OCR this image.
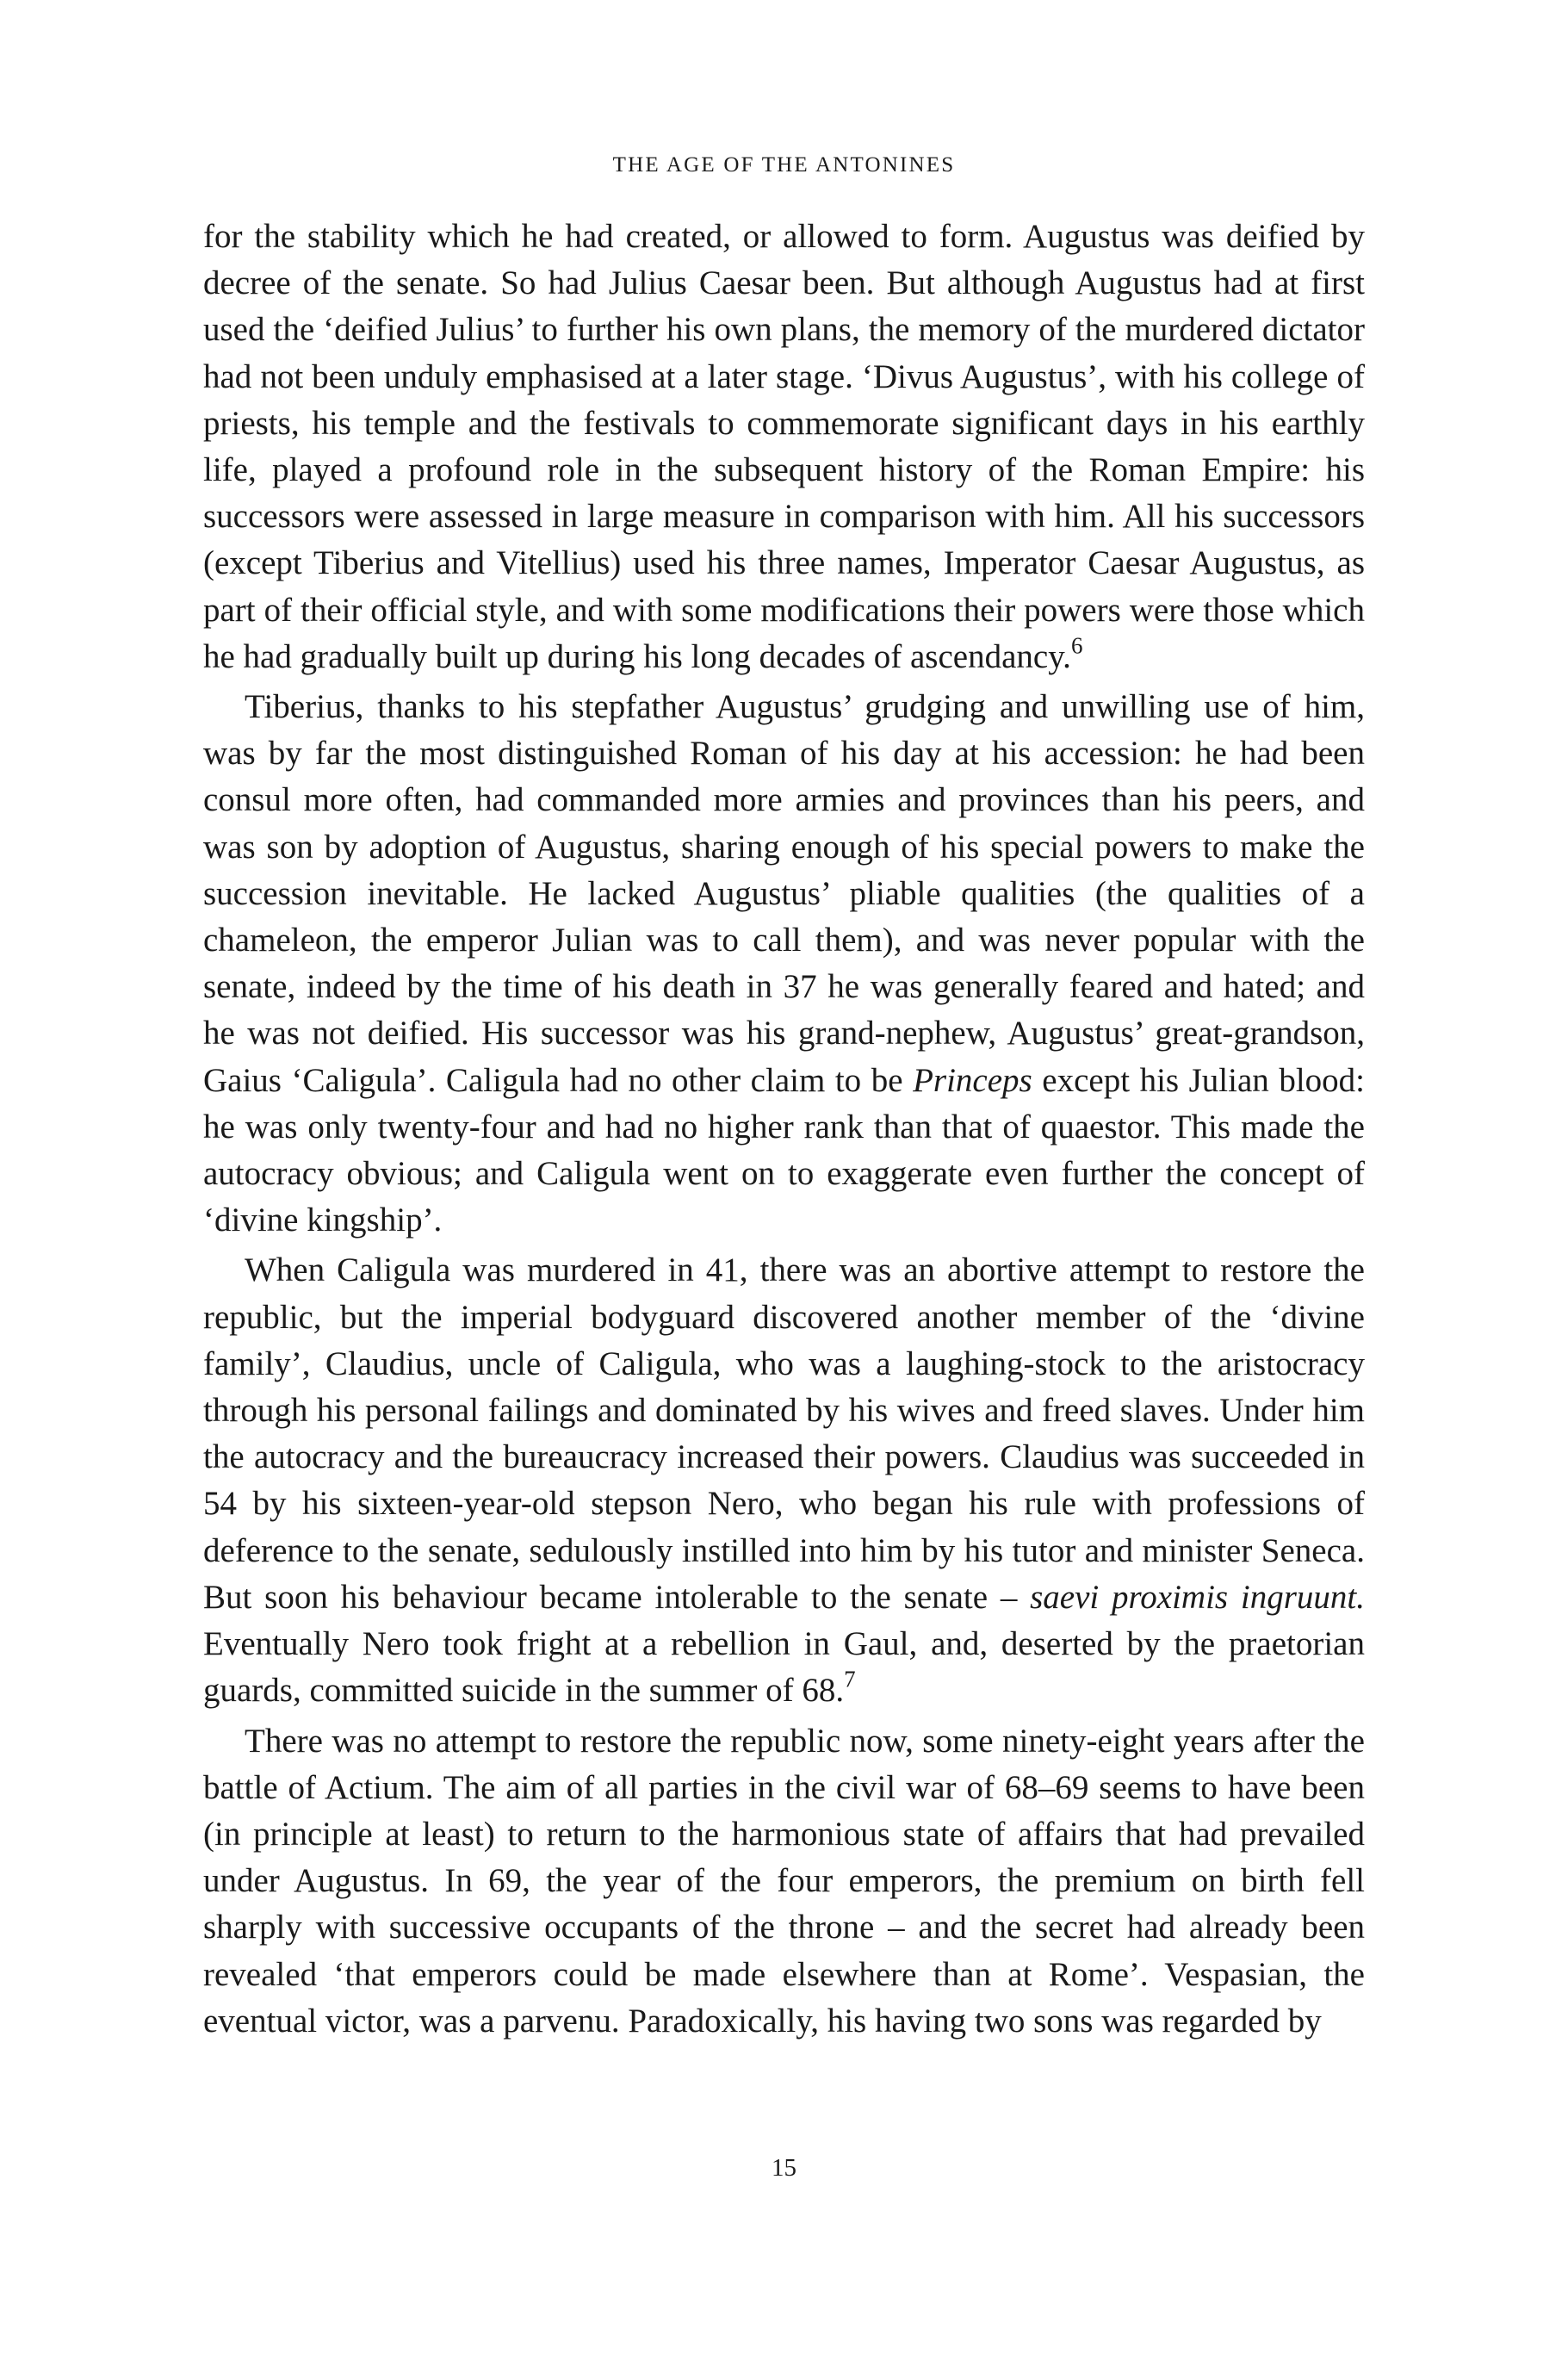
THE AGE OF THE ANTONINES

for the stability which he had created, or allowed to form. Augustus was deified by decree of the senate. So had Julius Caesar been. But although Augustus had at first used the ‘deified Julius’ to further his own plans, the memory of the murdered dictator had not been unduly emphasised at a later stage. ‘Divus Augustus’, with his college of priests, his temple and the festivals to commemorate significant days in his earthly life, played a profound role in the subsequent history of the Roman Empire: his successors were assessed in large measure in comparison with him. All his successors (except Tiberius and Vitellius) used his three names, Imperator Caesar Augustus, as part of their official style, and with some modifications their powers were those which he had gradually built up during his long decades of ascendancy.$^6$

Tiberius, thanks to his stepfather Augustus’ grudging and unwilling use of him, was by far the most distinguished Roman of his day at his accession: he had been consul more often, had commanded more armies and provinces than his peers, and was son by adoption of Augustus, sharing enough of his special powers to make the succession inevitable. He lacked Augustus’ pliable qualities (the qualities of a chameleon, the emperor Julian was to call them), and was never popular with the senate, indeed by the time of his death in 37 he was generally feared and hated; and he was not deified. His successor was his grand-nephew, Augustus’ great-grandson, Gaius ‘Caligula’. Caligula had no other claim to be Princeps except his Julian blood: he was only twenty-four and had no higher rank than that of quaestor. This made the autocracy obvious; and Caligula went on to exaggerate even further the concept of ‘divine kingship’.

When Caligula was murdered in 41, there was an abortive attempt to restore the republic, but the imperial bodyguard discovered another member of the ‘divine family’, Claudius, uncle of Caligula, who was a laughing-stock to the aristocracy through his personal failings and dominated by his wives and freed slaves. Under him the autocracy and the bureaucracy increased their powers. Claudius was succeeded in 54 by his sixteen-year-old stepson Nero, who began his rule with professions of deference to the senate, sedulously instilled into him by his tutor and minister Seneca. But soon his behaviour became intolerable to the senate – saevi proximis ingruunt. Eventually Nero took fright at a rebellion in Gaul, and, deserted by the praetorian guards, committed suicide in the summer of 68.$^7$

There was no attempt to restore the republic now, some ninety-eight years after the battle of Actium. The aim of all parties in the civil war of 68–69 seems to have been (in principle at least) to return to the harmonious state of affairs that had prevailed under Augustus. In 69, the year of the four emperors, the premium on birth fell sharply with successive occupants of the throne – and the secret had already been revealed ‘that emperors could be made elsewhere than at Rome’. Vespasian, the eventual victor, was a parvenu. Paradoxically, his having two sons was regarded by

15
